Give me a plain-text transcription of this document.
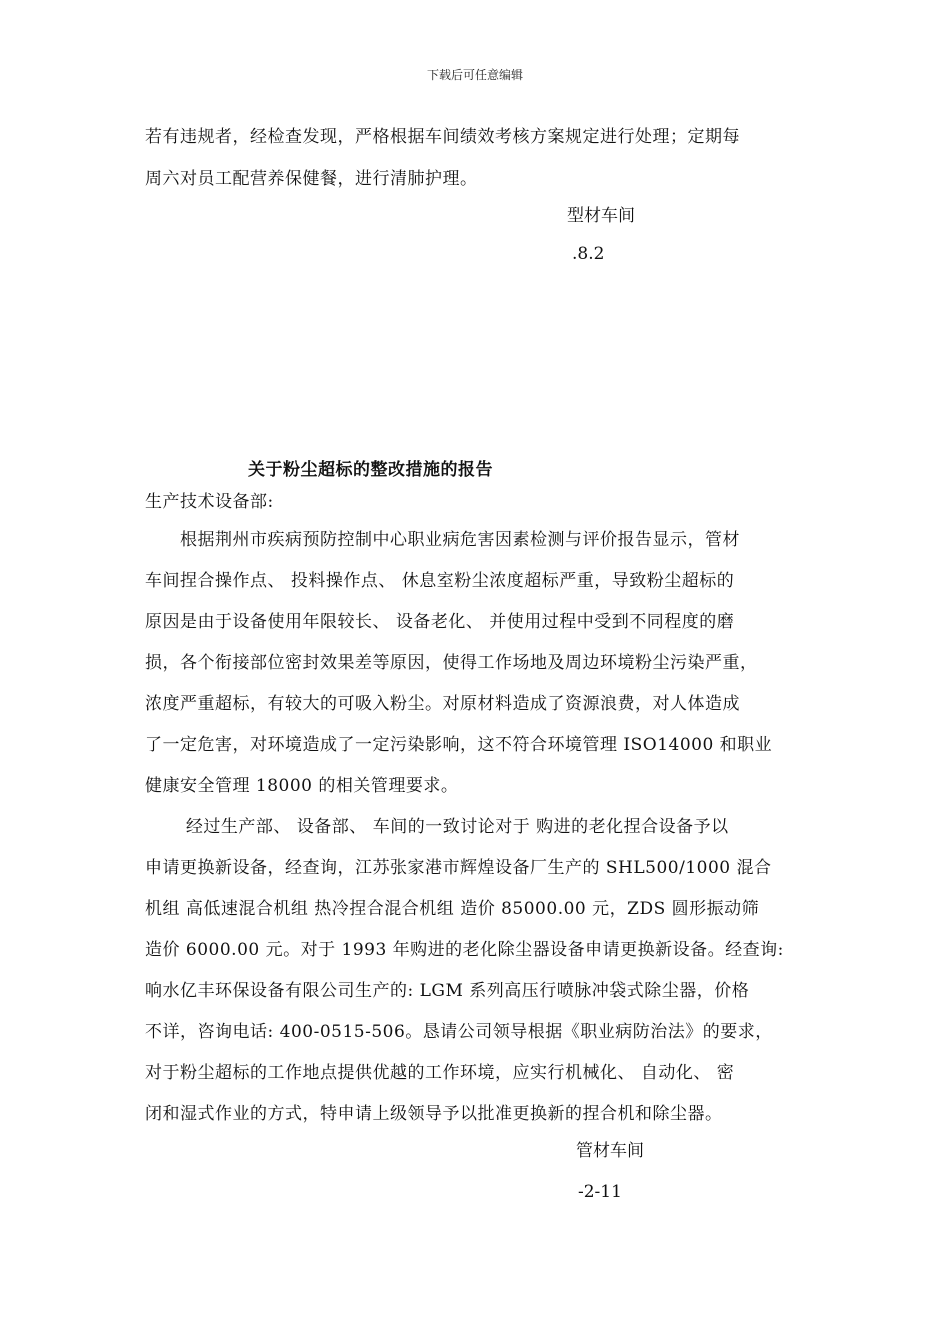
下载后可任意编辑
若有违规者，经检查发现，严格根据车间绩效考核方案规定进行处理；定期每
周六对员工配营养保健餐，进行清肺护理。
型材车间
.8.2
关于粉尘超标的整改措施的报告
生产技术设备部:
　　根据荆州市疾病预防控制中心职业病危害因素检测与评价报告显示，管材
车间捏合操作点、 投料操作点、 休息室粉尘浓度超标严重，导致粉尘超标的
原因是由于设备使用年限较长、 设备老化、 并使用过程中受到不同程度的磨
损，各个衔接部位密封效果差等原因，使得工作场地及周边环境粉尘污染严重，
浓度严重超标，有较大的可吸入粉尘。对原材料造成了资源浪费，对人体造成
了一定危害，对环境造成了一定污染影响，这不符合环境管理 ISO14000 和职业
健康安全管理 18000 的相关管理要求。
　　 经过生产部、 设备部、 车间的一致讨论对于 购进的老化捏合设备予以
申请更换新设备，经查询，江苏张家港市辉煌设备厂生产的 SHL500/1000 混合
机组 高低速混合机组 热冷捏合混合机组 造价 85000.00 元，ZDS 圆形振动筛
造价 6000.00 元。对于 1993 年购进的老化除尘器设备申请更换新设备。经查询:
响水亿丰环保设备有限公司生产的: LGM 系列高压行喷脉冲袋式除尘器，价格
不详，咨询电话: 400-0515-506。恳请公司领导根据《职业病防治法》的要求，
对于粉尘超标的工作地点提供优越的工作环境，应实行机械化、 自动化、 密
闭和湿式作业的方式，特申请上级领导予以批准更换新的捏合机和除尘器。
管材车间
-2-11
